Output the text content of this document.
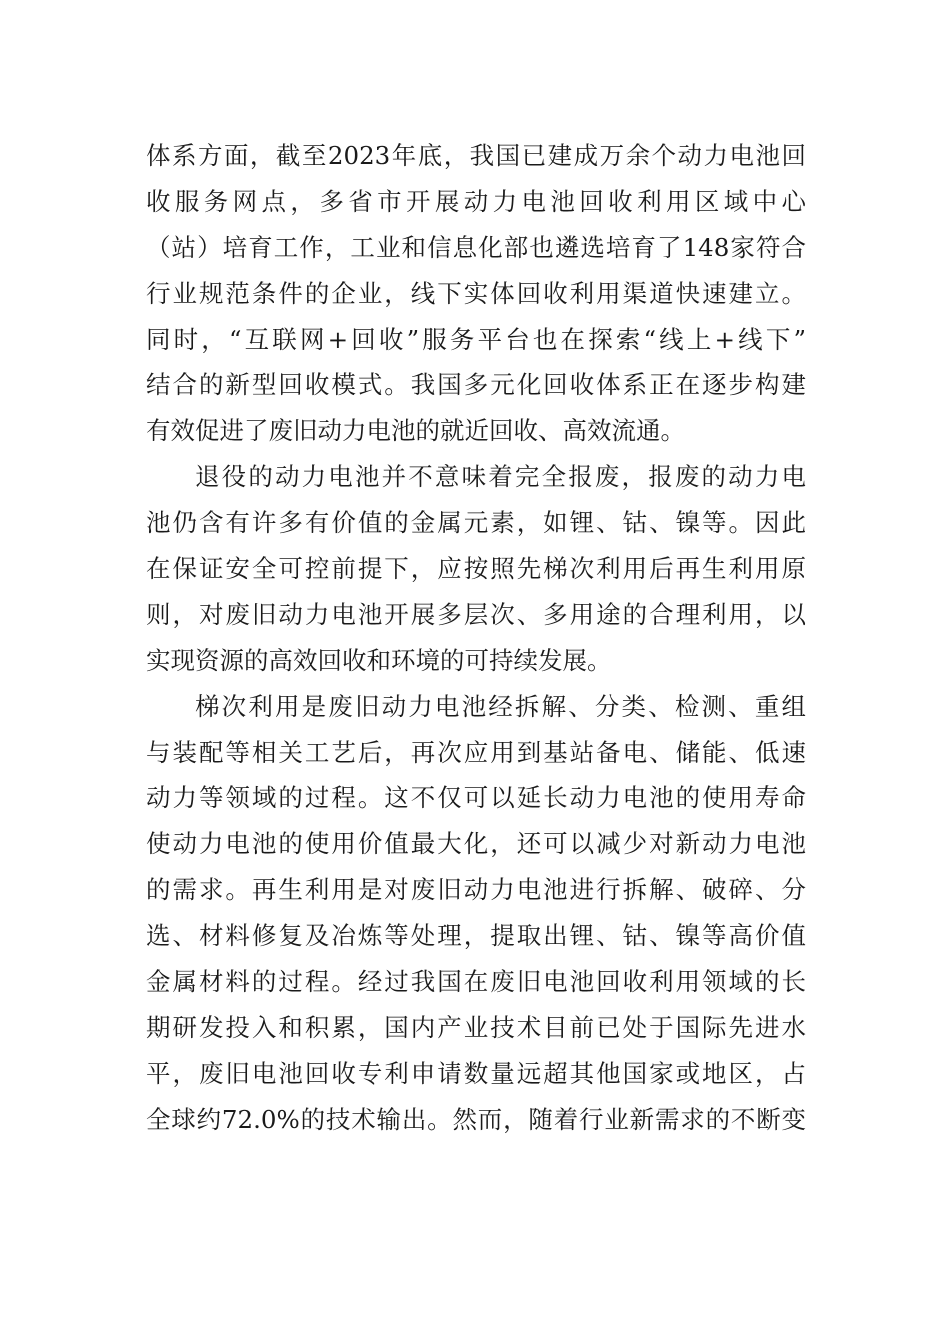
体系方面，截至2023年底，我国已建成万余个动力电池回
收服务网点，多省市开展动力电池回收利用区域中心
（站）培育工作，工业和信息化部也遴选培育了148家符合
行业规范条件的企业，线下实体回收利用渠道快速建立。
同时，“互联网+回收”服务平台也在探索“线上+线下”
结合的新型回收模式。我国多元化回收体系正在逐步构建
有效促进了废旧动力电池的就近回收、高效流通。
退役的动力电池并不意味着完全报废，报废的动力电
池仍含有许多有价值的金属元素，如锂、钴、镍等。因此
在保证安全可控前提下，应按照先梯次利用后再生利用原
则，对废旧动力电池开展多层次、多用途的合理利用，以
实现资源的高效回收和环境的可持续发展。
梯次利用是废旧动力电池经拆解、分类、检测、重组
与装配等相关工艺后，再次应用到基站备电、储能、低速
动力等领域的过程。这不仅可以延长动力电池的使用寿命
使动力电池的使用价值最大化，还可以减少对新动力电池
的需求。再生利用是对废旧动力电池进行拆解、破碎、分
选、材料修复及冶炼等处理，提取出锂、钴、镍等高价值
金属材料的过程。经过我国在废旧电池回收利用领域的长
期研发投入和积累，国内产业技术目前已处于国际先进水
平，废旧电池回收专利申请数量远超其他国家或地区，占
全球约72.0%的技术输出。然而，随着行业新需求的不断变
